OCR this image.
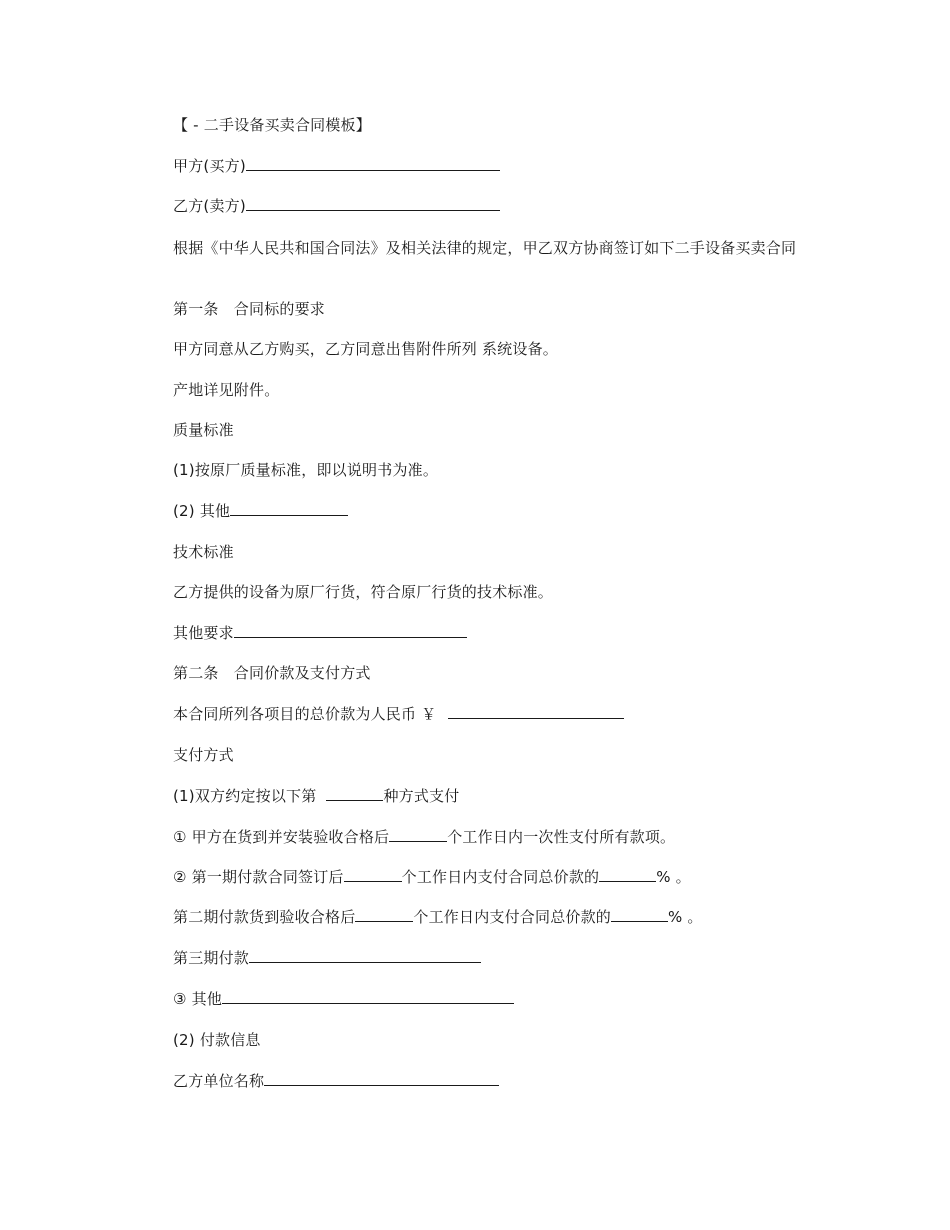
【 - 二手设备买卖合同模板】
甲方(买方)
乙方(卖方)
根据《中华人民共和国合同法》及相关法律的规定，甲乙双方协商签订如下二手设备买卖合同
第一条　合同标的要求
甲方同意从乙方购买，乙方同意出售附件所列 系统设备。
产地详见附件。
质量标准
(1)按原厂质量标准，即以说明书为准。
(2) 其他
技术标准
乙方提供的设备为原厂行货，符合原厂行货的技术标准。
其他要求
第二条　合同价款及支付方式
本合同所列各项目的总价款为人民币 ￥
支付方式
(1)双方约定按以下第	种方式支付
① 甲方在货到并安装验收合格后	个工作日内一次性支付所有款项。
② 第一期付款合同签订后	个工作日内支付合同总价款的	% 。
第二期付款货到验收合格后	个工作日内支付合同总价款的	% 。
第三期付款
③ 其他
(2) 付款信息
乙方单位名称
